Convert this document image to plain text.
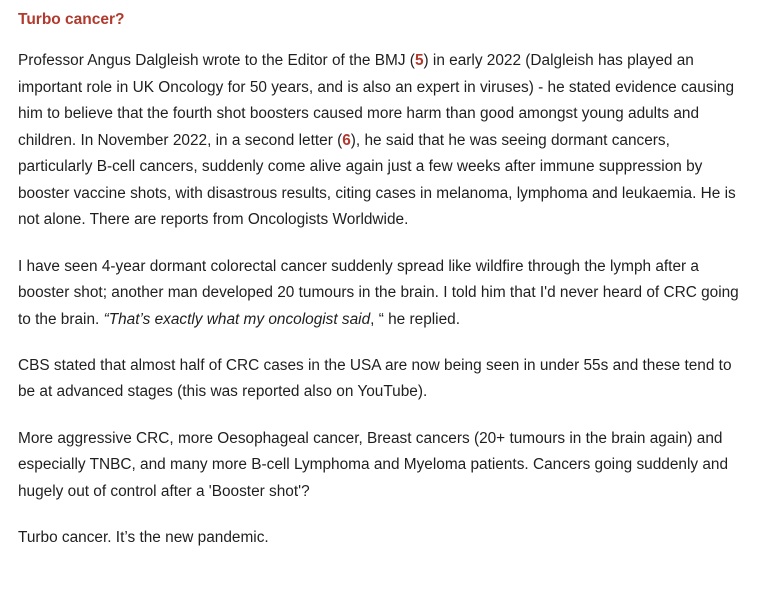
Turbo cancer?

Professor Angus Dalgleish wrote to the Editor of the BMJ (5) in early 2022 (Dalgleish has played an important role in UK Oncology for 50 years, and is also an expert in viruses) - he stated evidence causing him to believe that the fourth shot boosters caused more harm than good amongst young adults and children. In November 2022, in a second letter (6), he said that he was seeing dormant cancers, particularly B-cell cancers, suddenly come alive again just a few weeks after immune suppression by booster vaccine shots, with disastrous results, citing cases in melanoma, lymphoma and leukaemia. He is not alone. There are reports from Oncologists Worldwide.

I have seen 4-year dormant colorectal cancer suddenly spread like wildfire through the lymph after a booster shot; another man developed 20 tumours in the brain. I told him that I'd never heard of CRC going to the brain. “That’s exactly what my oncologist said, “ he replied.

CBS stated that almost half of CRC cases in the USA are now being seen in under 55s and these tend to be at advanced stages (this was reported also on YouTube).

More aggressive CRC, more Oesophageal cancer, Breast cancers (20+ tumours in the brain again) and especially TNBC, and many more B-cell Lymphoma and Myeloma patients. Cancers going suddenly and hugely out of control after a 'Booster shot'?

Turbo cancer. It’s the new pandemic.
